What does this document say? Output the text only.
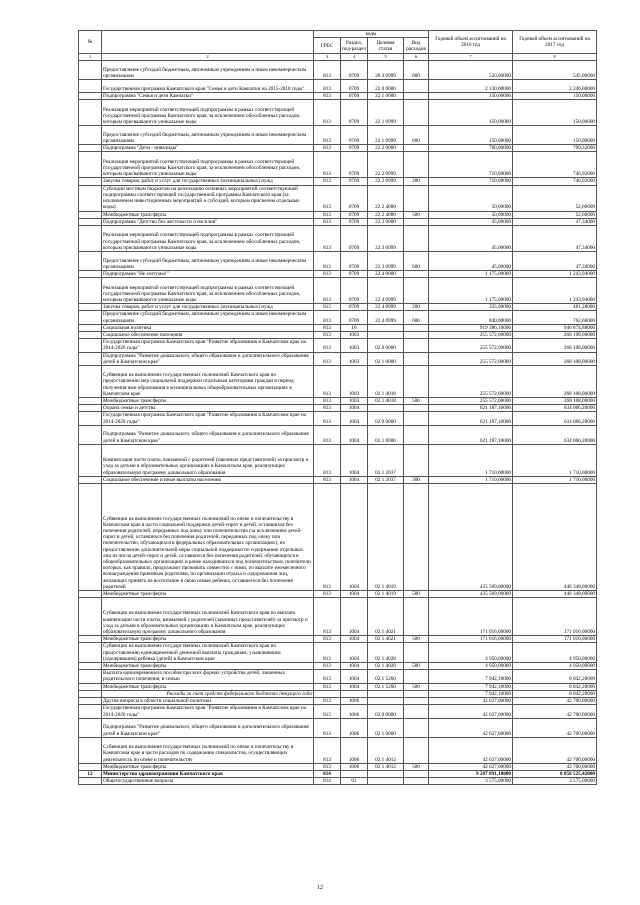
№		коды				Годовой объем ассигнований на 2016 год	Годовой объем ассигнований на 2017 год
		ГРБС	Раздел, под-раздел	Целевая статья	Вид расходов		
1	2	3	4	5	6	7	8
	Предоставление субсидий бюджетным, автономным учреждениям и иным некоммерческим организациям	813	0709	20 3 0999	600	520,00000	545,00000
	Государственная программа Камчатского края "Семья и дети Камчатки на 2015-2018 годы"	813	0709	22 0 0000		2 130,00000	2 240,00000
	Подпрограмма "Семья и дети Камчатки"	813	0709	22 1 0000		150,00000	150,00000
	Реализация мероприятий соответствующей подпрограммы в рамках соответствующей государственной программы Камчатского края, за исключением обособленных расходов, которым присваиваются уникальные коды	813	0709	22 1 0999		150,00000	150,00000
	Предоставление субсидий бюджетным, автономным учреждениям и иным некоммерческим организациям	813	0709	22 1 0999	600	150,00000	150,00000
	Подпрограмма "Дети - инвалиды"	813	0709	22 2 0000		760,00000	799,32000
	Реализация мероприятий соответствующей подпрограммы в рамках соответствующей государственной программы Камчатского края, за исключением обособленных расходов, которым присваиваются уникальные коды	813	0709	22 2 0999		710,00000	746,92000
	Закупка товаров, работ и услуг для государственных (муниципальных) нужд	813	0709	22 2 0999	200	710,00000	746,92000
	Субсидии местным бюджетам на реализацию основных мероприятий соответствующей подпрограммы соответствующей государственной программы Камчатского края (за исключением инвестиционных мероприятий и субсидий, которым присвоены отдельные коды)	813	0709	22 2 4000		50,00000	52,60000
	Межбюджетные трансферты	813	0709	22 2 4000	500	50,00000	52,60000
	Подпрограмма "Детство без жестокости и насилия"	813	0709	22 3 0000		45,00000	47,34000
	Реализация мероприятий соответствующей подпрограммы в рамках соответствующей государственной программы Камчатского края, за исключением обособленных расходов, которым присваиваются уникальные коды	813	0709	22 3 0999		45,00000	47,34000
	Предоставление субсидий бюджетным, автономным учреждениям и иным некоммерческим организациям	813	0709	22 3 0999	600	45,00000	47,34000
	Подпрограмма "Не зелтумы!"	813	0709	22 4 0000		1 175,00000	1 243,94000
	Реализация мероприятий соответствующей подпрограммы в рамках соответствующей государственной программы Камчатского края, за исключением обособленных расходов, которым присваиваются уникальные коды	813	0709	22 4 0999		1 175,00000	1 243,94000
	Закупка товаров, работ и услуг для государственных (муниципальных) нужд	813	0709	22 4 0999	200	335,00000	481,28000
	Предоставление субсидий бюджетным, автономным учреждениям и иным некоммерческим организациям	813	0709	22 4 0999	600	840,00000	762,66000
	Социальная политика	813	10			919 386,10000	946 874,88000
	Социальное обеспечение населения	813	1003			255 572,00000	268 108,00000
	Государственная программа Камчатского края "Развитие образования в Камчатском крае на 2014-2020 годы"	813	1003	02 0 0000		255 572,00000	268 108,00000
	Подпрограмма "Развитие дошкольного, общего образования и дополнительного образования детей в Камчатском крае"	813	1003	02 1 0000		255 572,00000	268 108,00000
	Субвенции на выполнение государственных полномочий Камчатского края по предоставлению мер социальной поддержки отдельным категориям граждан в период получения ими образования в муниципальных общеобразовательных организациях в Камчатском крае	813	1003	02 1 4018		255 572,00000	268 108,00000
	Межбюджетные трансферты	813	1003	02 1 4018	500	255 572,00000	268 108,00000
	Охрана семьи и детства	813	1004			621 187,10000	634 066,20000
	Государственная программа Камчатского края "Развитие образования в Камчатском крае на 2014-2020 годы"	813	1004	02 0 0000		621 187,10000	634 066,20000
	Подпрограмма "Развитие дошкольного, общего образования и дополнительного образования детей в Камчатском крае"	813	1004	02 1 0000		621 187,10000	634 066,20000
	Компенсация части платы, взимаемой с родителей (законных представителей) за присмотр и уход за детьми в образовательных организациях в Камчатском крае, реализующих образовательную программу дошкольного образования	813	1004	02 1 2037		1 710,00000	1 710,00000
	Социальное обеспечение и иные выплаты населению	813	1004	02 1 2037	300	1 710,00000	1 710,00000
	Субвенции на выполнение государственных полномочий по опеке и попечительству в Камчатском крае в части социальной поддержки детей-сирот и детей, оставшихся без попечения родителей, переданных под опеку или попечительство (за исключением детей-сирот и детей, оставшихся без попечения родителей, переданных под опеку или попечительство, обучающихся в федеральных образовательных организациях), по предоставлению дополнительной меры социальной поддержки по содержанию отдельных лиц из числа детей-сирот и детей, оставшихся без попечения родителей, обучающихся в общеобразовательных организациях и ранее находившихся под попечительством, попечители которых, как правило, продолжают проживать совместно с ними, по выплате ежемесячного вознаграждения приемным родителям, по организации отдыха и оздоровления лиц, желающих принять на воспитание в свою семью ребенка, оставшегося без попечения родителей	813	1004	02 1 4019		435 569,00000	448 348,00000
	Межбюджетные трансферты	813	1004	02 1 4019	500	435 569,00000	448 348,00000
	Субвенции на выполнение государственных полномочий Камчатского края по выплате компенсации части платы, взимаемой с родителей (законных представителей) за присмотр и уход за детьми в образовательных организациях в Камчатском крае, реализующих образовательную программу дошкольного образования	813	1004	02 1 4021		171 016,00000	171 016,00000
	Межбюджетные трансферты	813	1004	02 1 4021	500	171 016,00000	171 016,00000
	Субвенции на выполнение государственных полномочий Камчатского края по предоставлению единовременной денежной выплаты гражданам, усыновившим (удочерившим) ребенка (детей) в Камчатском крае	813	1004	02 1 4028		4 950,00000	4 950,00000
	Межбюджетные трансферты	813	1004	02 1 4028	500	4 950,00000	4 950,00000
	Выплата единовременного пособия при всех формах устройства детей, лишенных родительского попечения, в семью	813	1004	02 1 5260		7 942,10000	8 042,20000
	Межбюджетные трансферты	813	1004	02 1 5260	500	7 942,10000	8 042,20000
	Расходы за счет средств федерального бюджета текущего года					7 942,10000	8 042,20000
	Другие вопросы в области социальной политики	813	1006			42 627,00000	42 700,00000
	Государственная программа Камчатского края "Развитие образования в Камчатском крае на 2014-2020 годы"	813	1006	02 0 0000		42 627,00000	42 700,00000
	Подпрограмма "Развитие дошкольного, общего образования и дополнительного образования детей в Камчатском крае"	813	1006	02 1 0000		42 627,00000	42 700,00000
	Субвенции на выполнение государственных полномочий по опеке и попечительству в Камчатском крае в части расходов по содержанию специалистов, осуществляющих деятельность по опеке и попечительству	813	1006	02 1 4012		42 627,00000	42 700,00000
	Межбюджетные трансферты	813	1006	02 1 4012	500	42 627,00000	42 700,00000
12	Министерство здравоохранения Камчатского края	814				9 207 891,18000	8 058 525,42000
	Общегосударственные вопросы	814	01			3 575,00000	3 575,00000
12
